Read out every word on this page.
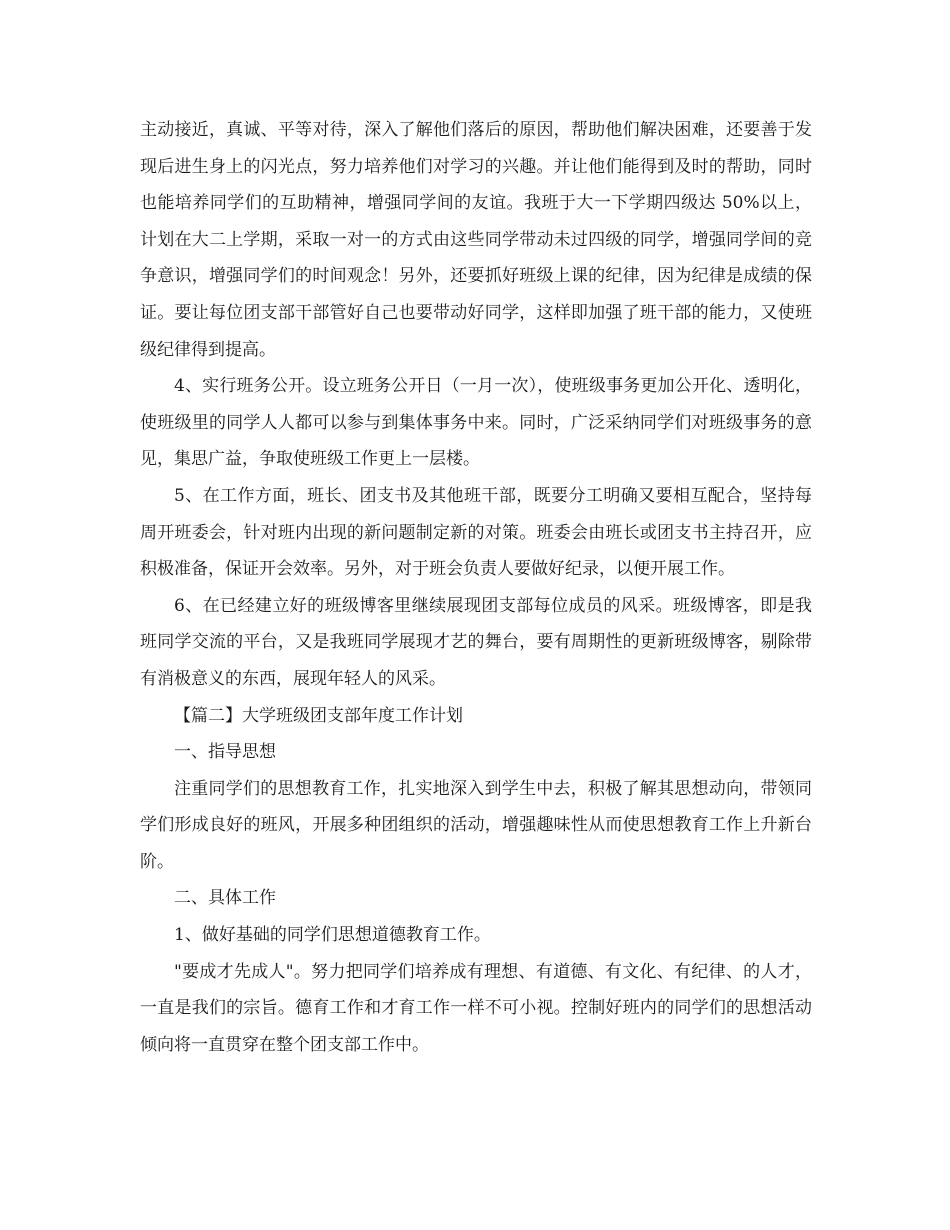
主动接近，真诚、平等对待，深入了解他们落后的原因，帮助他们解决困难，还要善于发现后进生身上的闪光点，努力培养他们对学习的兴趣。并让他们能得到及时的帮助，同时也能培养同学们的互助精神，增强同学间的友谊。我班于大一下学期四级达 50%以上，计划在大二上学期，采取一对一的方式由这些同学带动未过四级的同学，增强同学间的竞争意识，增强同学们的时间观念！另外，还要抓好班级上课的纪律，因为纪律是成绩的保证。要让每位团支部干部管好自己也要带动好同学，这样即加强了班干部的能力，又使班级纪律得到提高。

4、实行班务公开。设立班务公开日（一月一次），使班级事务更加公开化、透明化，使班级里的同学人人都可以参与到集体事务中来。同时，广泛采纳同学们对班级事务的意见，集思广益，争取使班级工作更上一层楼。

5、在工作方面，班长、团支书及其他班干部，既要分工明确又要相互配合，坚持每周开班委会，针对班内出现的新问题制定新的对策。班委会由班长或团支书主持召开，应积极准备，保证开会效率。另外，对于班会负责人要做好纪录，以便开展工作。

6、在已经建立好的班级博客里继续展现团支部每位成员的风采。班级博客，即是我班同学交流的平台，又是我班同学展现才艺的舞台，要有周期性的更新班级博客，剔除带有消极意义的东西，展现年轻人的风采。

【篇二】大学班级团支部年度工作计划

一、指导思想

注重同学们的思想教育工作，扎实地深入到学生中去，积极了解其思想动向，带领同学们形成良好的班风，开展多种团组织的活动，增强趣味性从而使思想教育工作上升新台阶。

二、具体工作

1、做好基础的同学们思想道德教育工作。

"要成才先成人"。努力把同学们培养成有理想、有道德、有文化、有纪律、的人才，一直是我们的宗旨。德育工作和才育工作一样不可小视。控制好班内的同学们的思想活动倾向将一直贯穿在整个团支部工作中。
